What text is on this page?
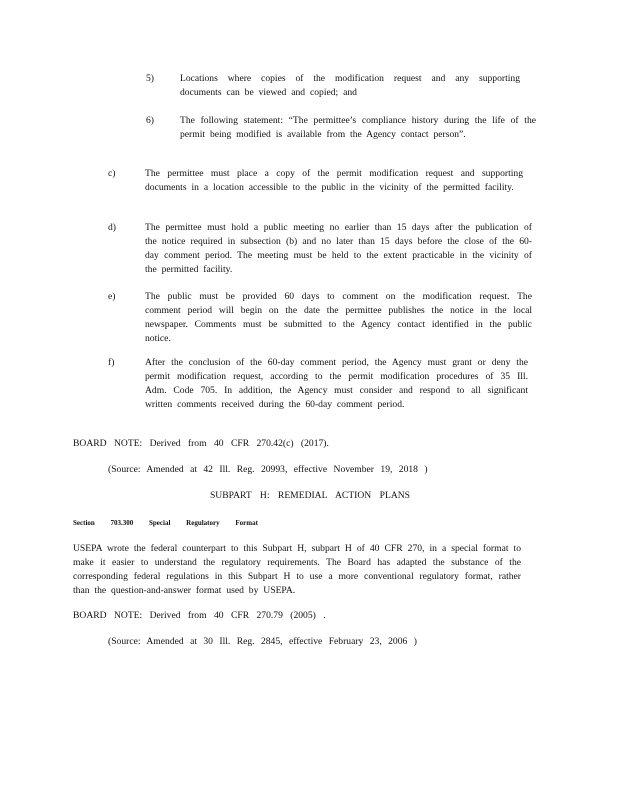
5)	Locations where copies of the modification request and any supporting documents can be viewed and copied; and
6)	The following statement: “The permittee’s compliance history during the life of the permit being modified is available from the Agency contact person”.
c)	The permittee must place a copy of the permit modification request and supporting documents in a location accessible to the public in the vicinity of the permitted facility.
d)	The permittee must hold a public meeting no earlier than 15 days after the publication of the notice required in subsection (b) and no later than 15 days before the close of the 60-day comment period. The meeting must be held to the extent practicable in the vicinity of the permitted facility.
e)	The public must be provided 60 days to comment on the modification request. The comment period will begin on the date the permittee publishes the notice in the local newspaper. Comments must be submitted to the Agency contact identified in the public notice.
f)	After the conclusion of the 60-day comment period, the Agency must grant or deny the permit modification request, according to the permit modification procedures of 35 Ill. Adm. Code 705. In addition, the Agency must consider and respond to all significant written comments received during the 60-day comment period.
BOARD NOTE: Derived from 40 CFR 270.42(c) (2017).
(Source: Amended at 42 Ill. Reg. 20993, effective November 19, 2018 )
SUBPART H: REMEDIAL ACTION PLANS
Section 703.300 Special Regulatory Format
USEPA wrote the federal counterpart to this Subpart H, subpart H of 40 CFR 270, in a special format to make it easier to understand the regulatory requirements. The Board has adapted the substance of the corresponding federal regulations in this Subpart H to use a more conventional regulatory format, rather than the question-and-answer format used by USEPA.
BOARD NOTE: Derived from 40 CFR 270.79 (2005) .
(Source: Amended at 30 Ill. Reg. 2845, effective February 23, 2006 )
